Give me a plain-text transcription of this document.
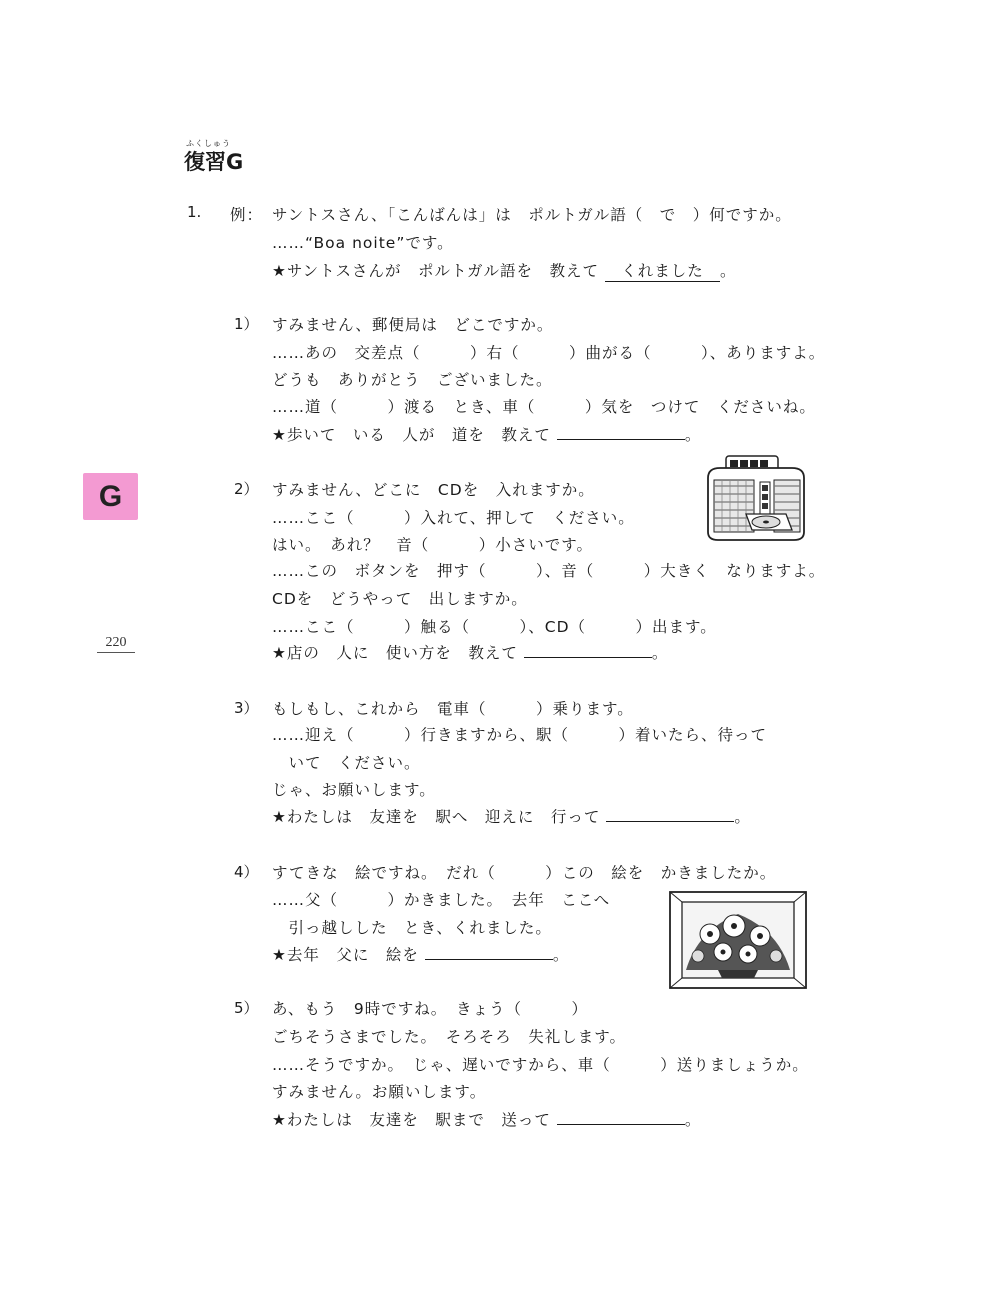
ふくしゅう
復習G
G
220
1. 例： サントスさん、「こんばんは」は　ポルトガル語（　で　）何ですか。
……“Boa noite”です。
★サントスさんが　ポルトガル語を　教えて くれました 。
1） すみません、郵便局は　どこですか。
……あの　交差点（　　　）右（　　　）曲がる（　　　）、ありますよ。
どうも　ありがとう　ございました。
……道（　　　）渡る　とき、車（　　　）気を　つけて　くださいね。
★歩いて　いる　人が　道を　教えて	。
2） すみません、どこに　CDを　入れますか。
……ここ（　　　）入れて、押して　ください。
はい。　あれ？　音（　　　）小さいです。
……この　ボタンを　押す（　　　）、音（　　　）大きく　なりますよ。
CDを　どうやって　出しますか。
……ここ（　　　）触る（　　　）、CD（　　　）出ます。
★店の　人に　使い方を　教えて	。
3） もしもし、これから　電車（　　　）乗ります。
……迎え（　　　）行きますから、駅（　　　）着いたら、待って
　いて　ください。
じゃ、お願いします。
★わたしは　友達を　駅へ　迎えに　行って	。
4） すてきな　絵ですね。　だれ（　　　）この　絵を　かきましたか。
……父（　　　）かきました。　去年　ここへ
　引っ越しした　とき、くれました。
★去年　父に　絵を	。
5） あ、もう　9時ですね。　きょう（　　　）
ごちそうさまでした。　そろそろ　失礼します。
……そうですか。　じゃ、遅いですから、車（　　　）送りましょうか。
すみません。お願いします。
★わたしは　友達を　駅まで　送って	。
